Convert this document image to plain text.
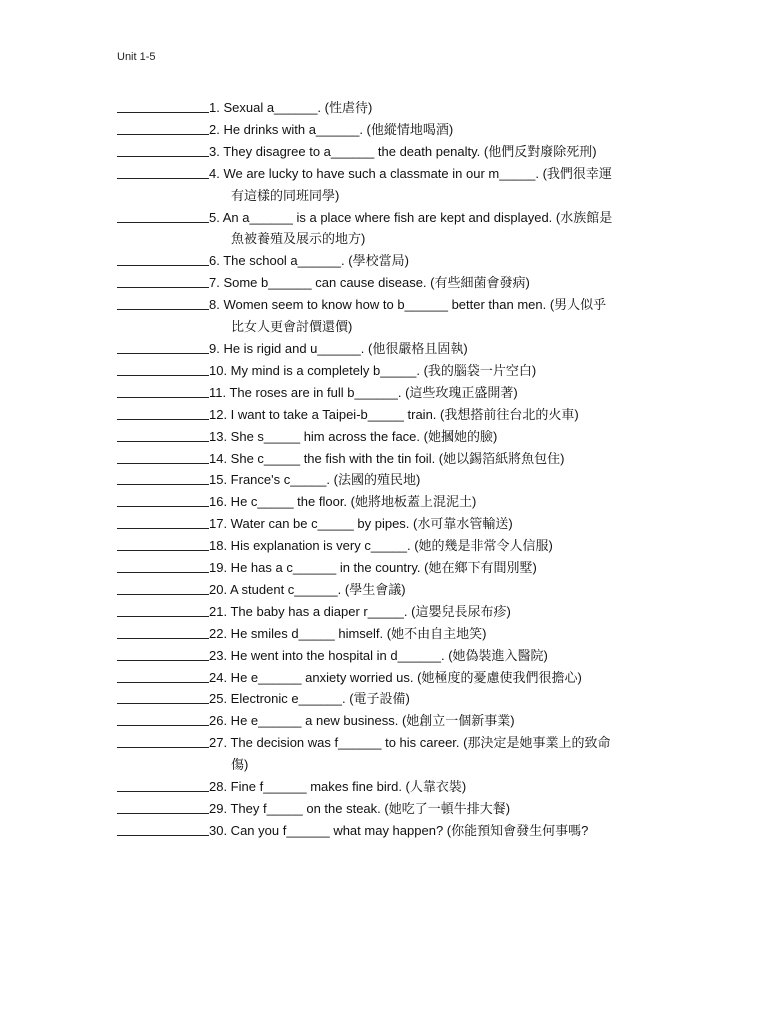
Unit 1-5
1. Sexual a______. (性虐待)
2. He drinks with a______. (他縱情地喝酒)
3. They disagree to a______ the death penalty. (他們反對廢除死刑)
4. We are lucky to have such a classmate in our m_____. (我們很幸運
有這樣的同班同學)
5. An a______ is a place where fish are kept and displayed. (水族館是
魚被養殖及展示的地方)
6. The school a______. (學校當局)
7. Some b______ can cause disease. (有些細菌會發病)
8. Women seem to know how to b______ better than men. (男人似乎
比女人更會討價還價)
9. He is rigid and u______. (他很嚴格且固執)
10. My mind is a completely b_____. (我的腦袋一片空白)
11. The roses are in full b______. (這些玫瑰正盛開著)
12. I want to take a Taipei-b_____ train. (我想搭前往台北的火車)
13. She s_____ him across the face. (她摑她的臉)
14. She c_____ the fish with the tin foil. (她以錫箔紙將魚包住)
15. France's c_____. (法國的殖民地)
16. He c_____ the floor. (她將地板蓋上混泥土)
17. Water can be c_____ by pipes. (水可靠水管輸送)
18. His explanation is very c_____. (她的幾是非常令人信服)
19. He has a c______ in the country. (她在鄉下有間別墅)
20. A student c______. (學生會議)
21. The baby has a diaper r_____. (這嬰兒長尿布疹)
22. He smiles d_____ himself. (她不由自主地笑)
23. He went into the hospital in d______. (她偽裝進入醫院)
24. He e______ anxiety worried us. (她極度的憂慮使我們很擔心)
25. Electronic e______. (電子設備)
26. He e______ a new business. (她創立一個新事業)
27. The decision was f______ to his career. (那決定是她事業上的致命
傷)
28. Fine f______ makes fine bird. (人靠衣裝)
29. They f_____ on the steak. (她吃了一頓牛排大餐)
30. Can you f______ what may happen? (你能預知會發生何事嗎?
